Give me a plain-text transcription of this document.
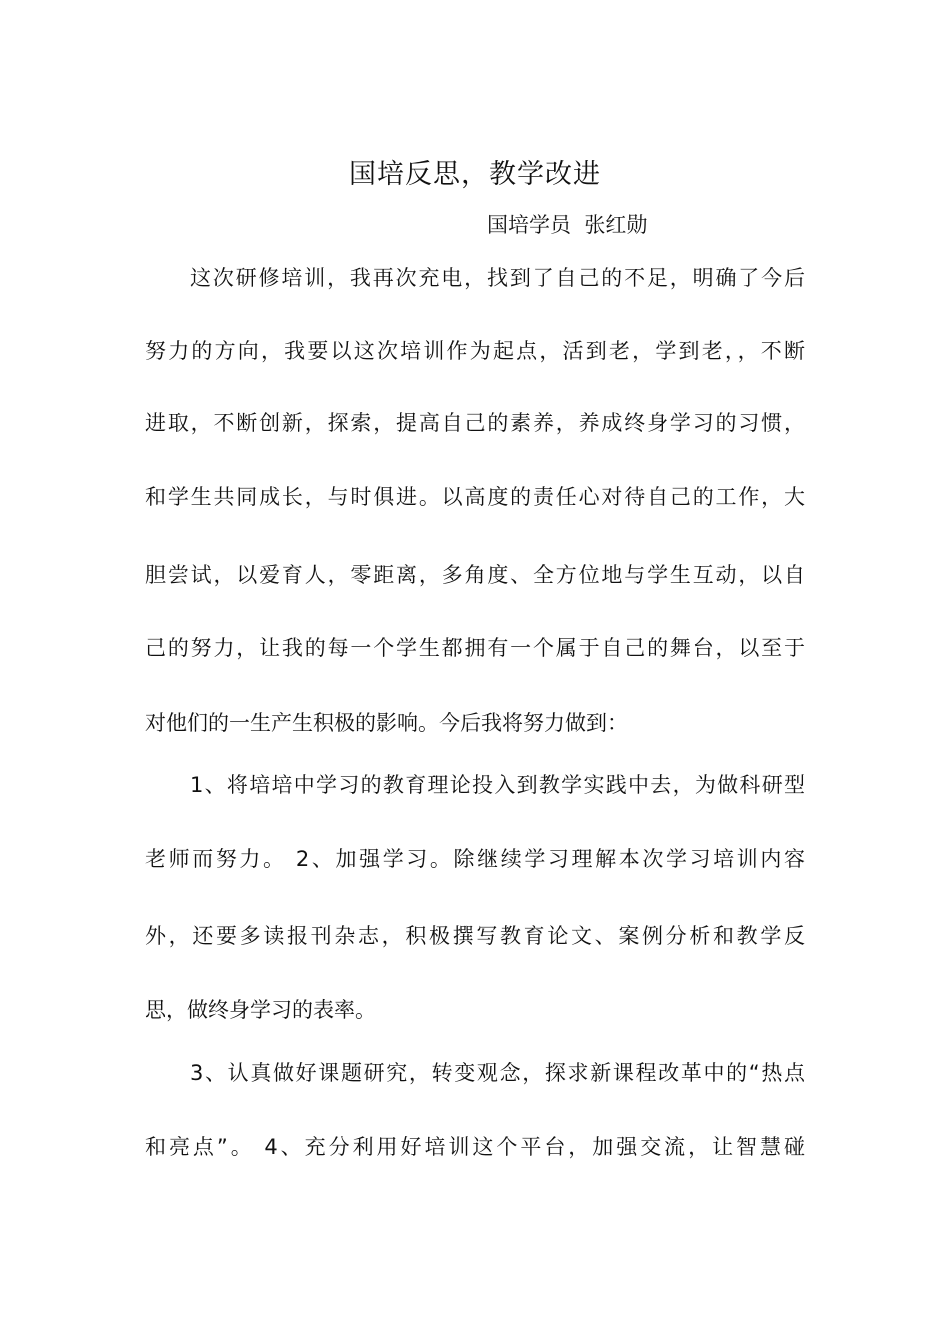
国培反思，教学改进
国培学员  张红勋
这次研修培训，我再次充电，找到了自己的不足，明确了今后
努力的方向，我要以这次培训作为起点，活到老，学到老，，不断
进取，不断创新，探索，提高自己的素养，养成终身学习的习惯，
和学生共同成长，与时俱进。以高度的责任心对待自己的工作，大
胆尝试，以爱育人，零距离，多角度、全方位地与学生互动，以自
己的努力，让我的每一个学生都拥有一个属于自己的舞台，以至于
对他们的一生产生积极的影响。今后我将努力做到：
1、将培培中学习的教育理论投入到教学实践中去，为做科研型
老师而努力。 2、加强学习。除继续学习理解本次学习培训内容
外，还要多读报刊杂志，积极撰写教育论文、案例分析和教学反
思，做终身学习的表率。
3、认真做好课题研究，转变观念，探求新课程改革中的“热点
和亮点”。 4、充分利用好培训这个平台，加强交流，让智慧碰
